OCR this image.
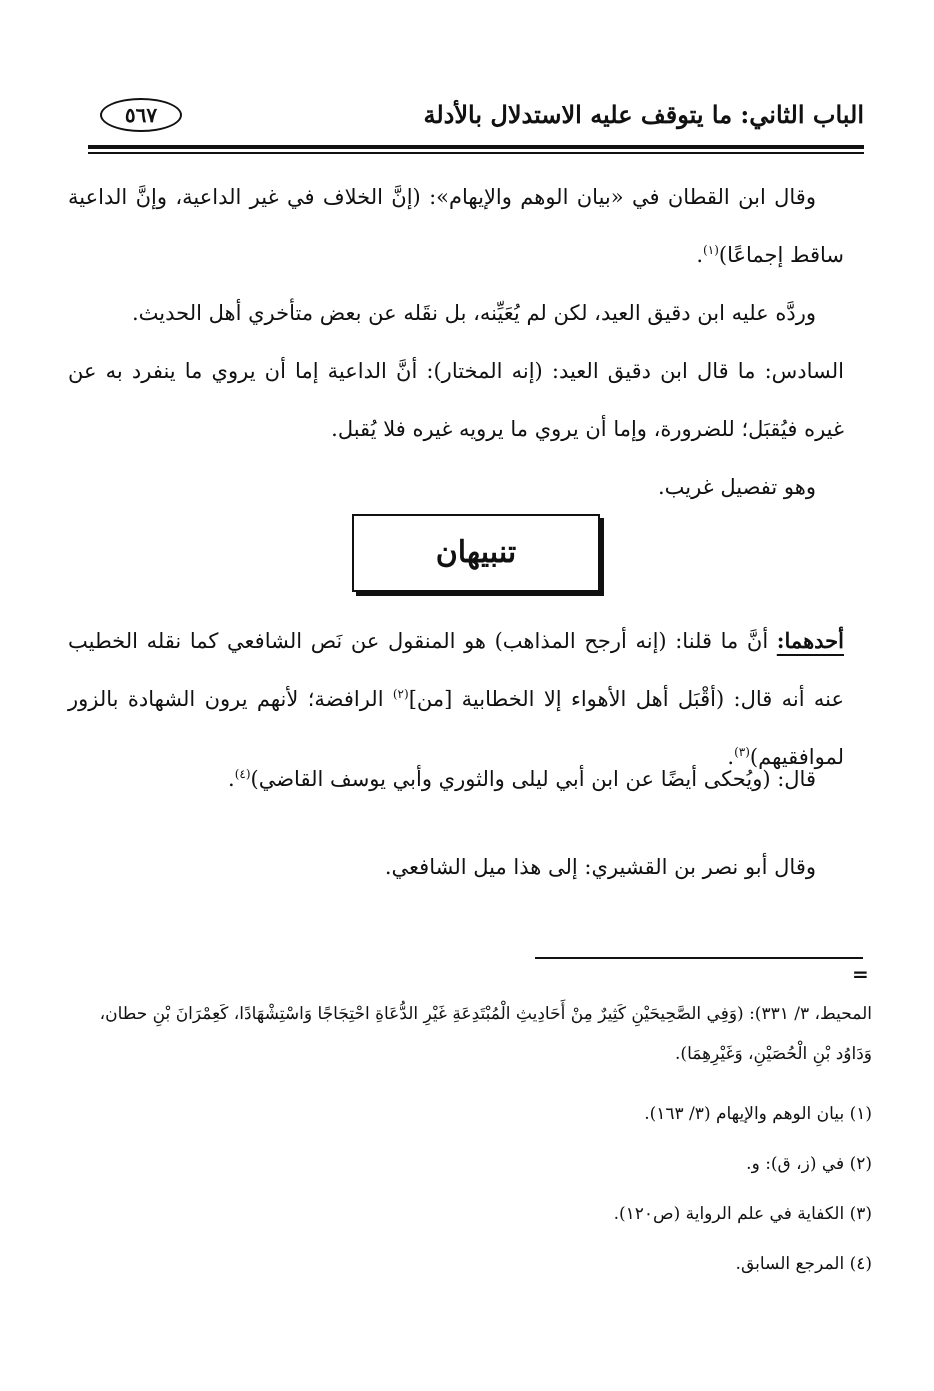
الباب الثاني: ما يتوقف عليه الاستدلال بالأدلة
٥٦٧
وقال ابن القطان في «بيان الوهم والإيهام»: (إنَّ الخلاف في غير الداعية، وإنَّ الداعية ساقط إجماعًا)$^{(١)}$.
وردَّه عليه ابن دقيق العيد، لكن لم يُعَيِّنه، بل نقَله عن بعض متأخري أهل الحديث.
السادس: ما قال ابن دقيق العيد: (إنه المختار): أنَّ الداعية إما أن يروي ما ينفرد به عن غيره فيُقبَل؛ للضرورة، وإما أن يروي ما يرويه غيره فلا يُقبل.
وهو تفصيل غريب.
تنبيهان
أحدهما: أنَّ ما قلنا: (إنه أرجح المذاهب) هو المنقول عن نَص الشافعي كما نقله الخطيب عنه أنه قال: (أقْبَل أهل الأهواء إلا الخطابية [من]$^{(٢)}$ الرافضة؛ لأنهم يرون الشهادة بالزور لموافقيهم)$^{(٣)}$.
قال: (ويُحكى أيضًا عن ابن أبي ليلى والثوري وأبي يوسف القاضي)$^{(٤)}$.
وقال أبو نصر بن القشيري: إلى هذا ميل الشافعي.
=
المحيط، ٣/ ٣٣١): (وَفِي الصَّحِيحَيْنِ كَثِيرٌ مِنْ أَحَادِيثِ الْمُبْتَدِعَةِ غَيْرِ الدُّعَاةِ احْتِجَاجًا وَاسْتِشْهَادًا، كَعِمْرَانَ بْنِ حطان، وَدَاوُد بْنِ الْحُصَيْنِ، وَغَيْرِهِمَا).
(١) بيان الوهم والإيهام (٣/ ١٦٣).
(٢) في (ز، ق): و.
(٣) الكفاية في علم الرواية (ص١٢٠).
(٤) المرجع السابق.
